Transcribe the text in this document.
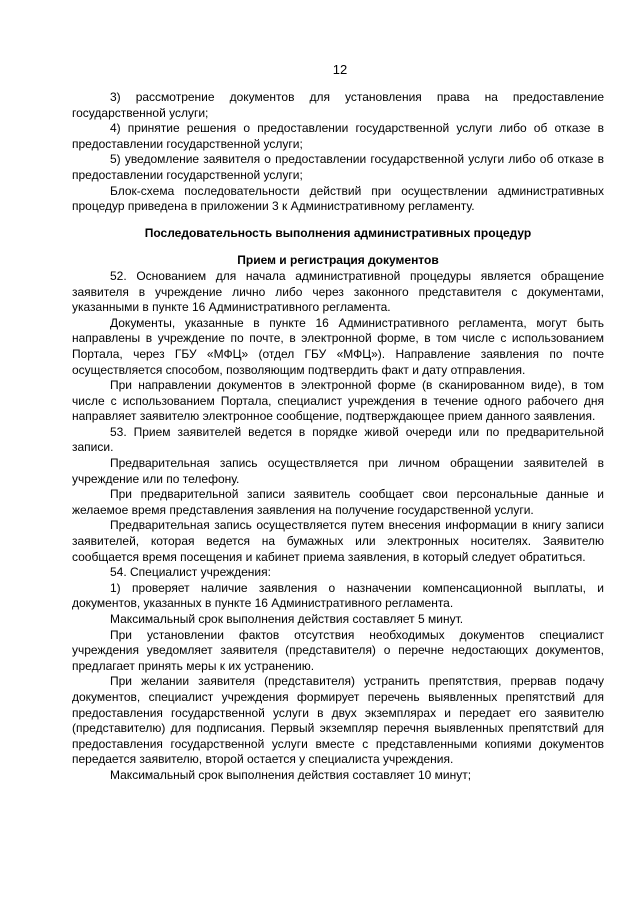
12
3) рассмотрение документов для установления права на предоставление государственной услуги;
4) принятие решения о предоставлении государственной услуги либо об отказе в предоставлении государственной услуги;
5) уведомление заявителя о предоставлении государственной услуги либо об отказе в предоставлении государственной услуги;
Блок-схема последовательности действий при осуществлении административных процедур приведена в приложении 3 к Административному регламенту.
Последовательность выполнения административных процедур
Прием и регистрация документов
52. Основанием для начала административной процедуры является обращение заявителя в учреждение лично либо через законного представителя с документами, указанными в пункте 16 Административного регламента.
Документы, указанные в пункте 16 Административного регламента, могут быть направлены в учреждение по почте, в электронной форме, в том числе с использованием Портала, через ГБУ «МФЦ» (отдел ГБУ «МФЦ»). Направление заявления по почте осуществляется способом, позволяющим подтвердить факт и дату отправления.
При направлении документов в электронной форме (в сканированном виде), в том числе с использованием Портала, специалист учреждения в течение одного рабочего дня направляет заявителю электронное сообщение, подтверждающее прием данного заявления.
53. Прием заявителей ведется в порядке живой очереди или по предварительной записи.
Предварительная запись осуществляется при личном обращении заявителей в учреждение или по телефону.
При предварительной записи заявитель сообщает свои персональные данные и желаемое время представления заявления на получение государственной услуги.
Предварительная запись осуществляется путем внесения информации в книгу записи заявителей, которая ведется на бумажных или электронных носителях. Заявителю сообщается время посещения и кабинет приема заявления, в который следует обратиться.
54. Специалист учреждения:
1) проверяет наличие заявления о назначении компенсационной выплаты, и документов, указанных в пункте 16 Административного регламента.
Максимальный срок выполнения действия составляет 5 минут.
При установлении фактов отсутствия необходимых документов специалист учреждения уведомляет заявителя (представителя) о перечне недостающих документов, предлагает принять меры к их устранению.
При желании заявителя (представителя) устранить препятствия, прервав подачу документов, специалист учреждения формирует перечень выявленных препятствий для предоставления государственной услуги в двух экземплярах и передает его заявителю (представителю) для подписания. Первый экземпляр перечня выявленных препятствий для предоставления государственной услуги вместе с представленными копиями документов передается заявителю, второй остается у специалиста учреждения.
Максимальный срок выполнения действия составляет 10 минут;
